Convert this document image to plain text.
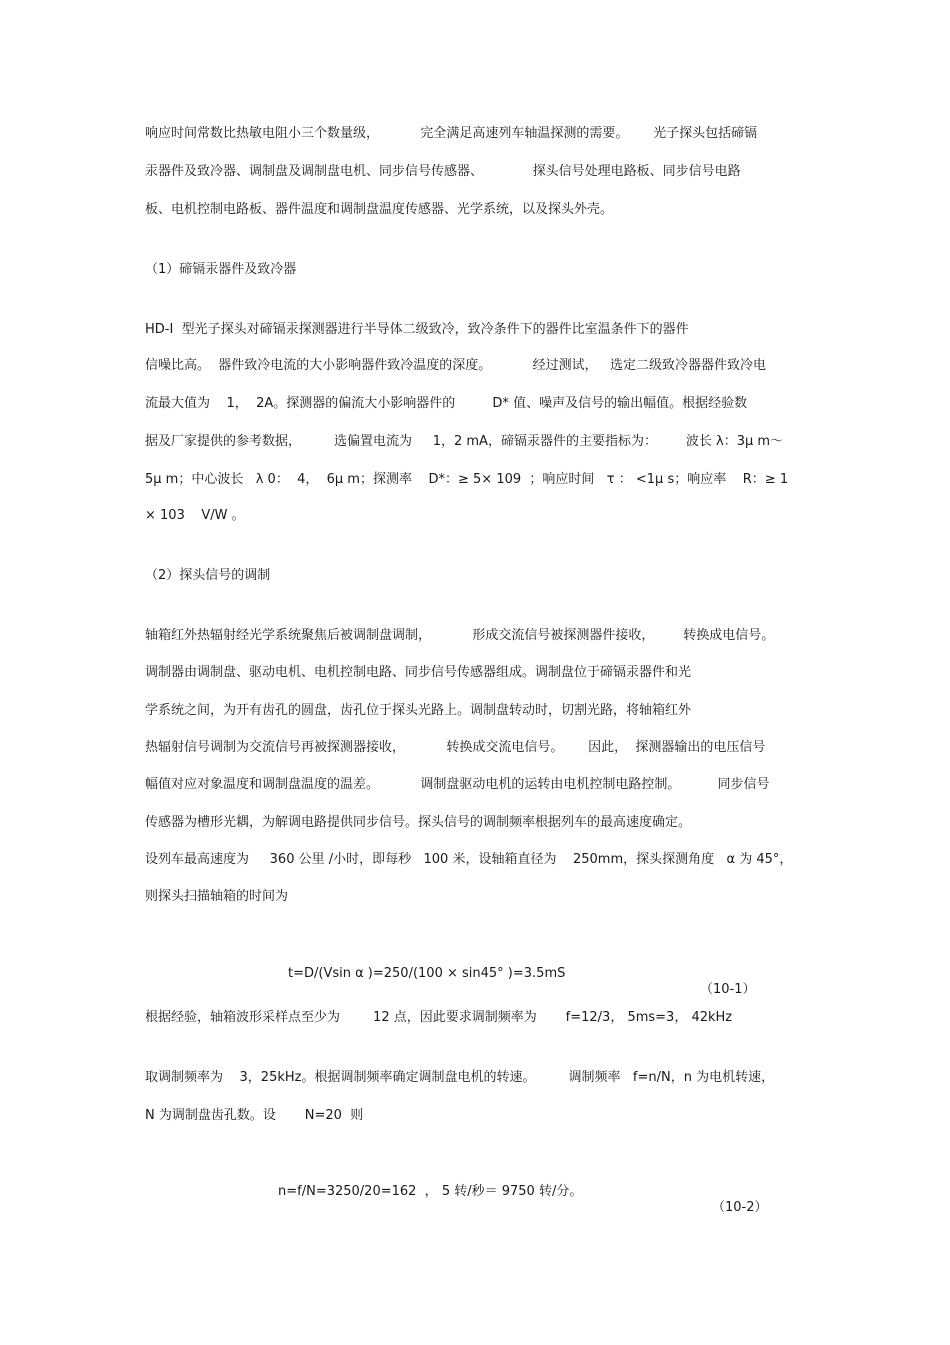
响应时间常数比热敏电阻小三个数量级，          完全满足高速列车轴温探测的需要。      光子探头包括碲镉

汞器件及致冷器、调制盘及调制盘电机、同步信号传感器、            探头信号处理电路板、同步信号电路

板、电机控制电路板、器件温度和调制盘温度传感器、光学系统，以及探头外壳。

（1）碲镉汞器件及致冷器

HD-I  型光子探头对碲镉汞探测器进行半导体二级致冷，致冷条件下的器件比室温条件下的器件

信噪比高。  器件致冷电流的大小影响器件致冷温度的深度。          经过测试，   选定二级致冷器器件致冷电

流最大值为    1，  2A。探测器的偏流大小影响器件的         D* 值、噪声及信号的输出幅值。根据经验数

据及厂家提供的参考数据，        选偏置电流为     1，2 mA，碲镉汞器件的主要指标为：       波长 λ：3μ m～

5μ m；中心波长   λ 0：  4，  6μ m；探测率    D*：≥ 5× 109  ；响应时间   τ ： <1μ s；响应率    R：≥ 1

× 103    V/W 。

（2）探头信号的调制

轴箱红外热辐射经光学系统聚焦后被调制盘调制，          形成交流信号被探测器件接收，       转换成电信号。

调制器由调制盘、驱动电机、电机控制电路、同步信号传感器组成。调制盘位于碲镉汞器件和光

学系统之间，为开有齿孔的圆盘，齿孔位于探头光路上。调制盘转动时，切割光路，将轴箱红外

热辐射信号调制为交流信号再被探测器接收，          转换成交流电信号。      因此，  探测器输出的电压信号

幅值对应对象温度和调制盘温度的温差。          调制盘驱动电机的运转由电机控制电路控制。         同步信号

传感器为槽形光耦，为解调电路提供同步信号。探头信号的调制频率根据列车的最高速度确定。

设列车最高速度为     360 公里 /小时，即每秒   100 米，设轴箱直径为    250mm，探头探测角度   α 为 45°，

则探头扫描轴箱的时间为

t=D/(Vsin α )=250/(100 × sin45° )=3.5mS

（10-1）

根据经验，轴箱波形采样点至少为        12 点，因此要求调制频率为       f=12/3， 5ms=3， 42kHz

取调制频率为    3，25kHz。根据调制频率确定调制盘电机的转速。        调制频率   f=n/N，n 为电机转速，

N 为调制盘齿孔数。设       N=20  则

n=f/N=3250/20=162  ， 5 转/秒＝ 9750 转/分。

（10-2）
